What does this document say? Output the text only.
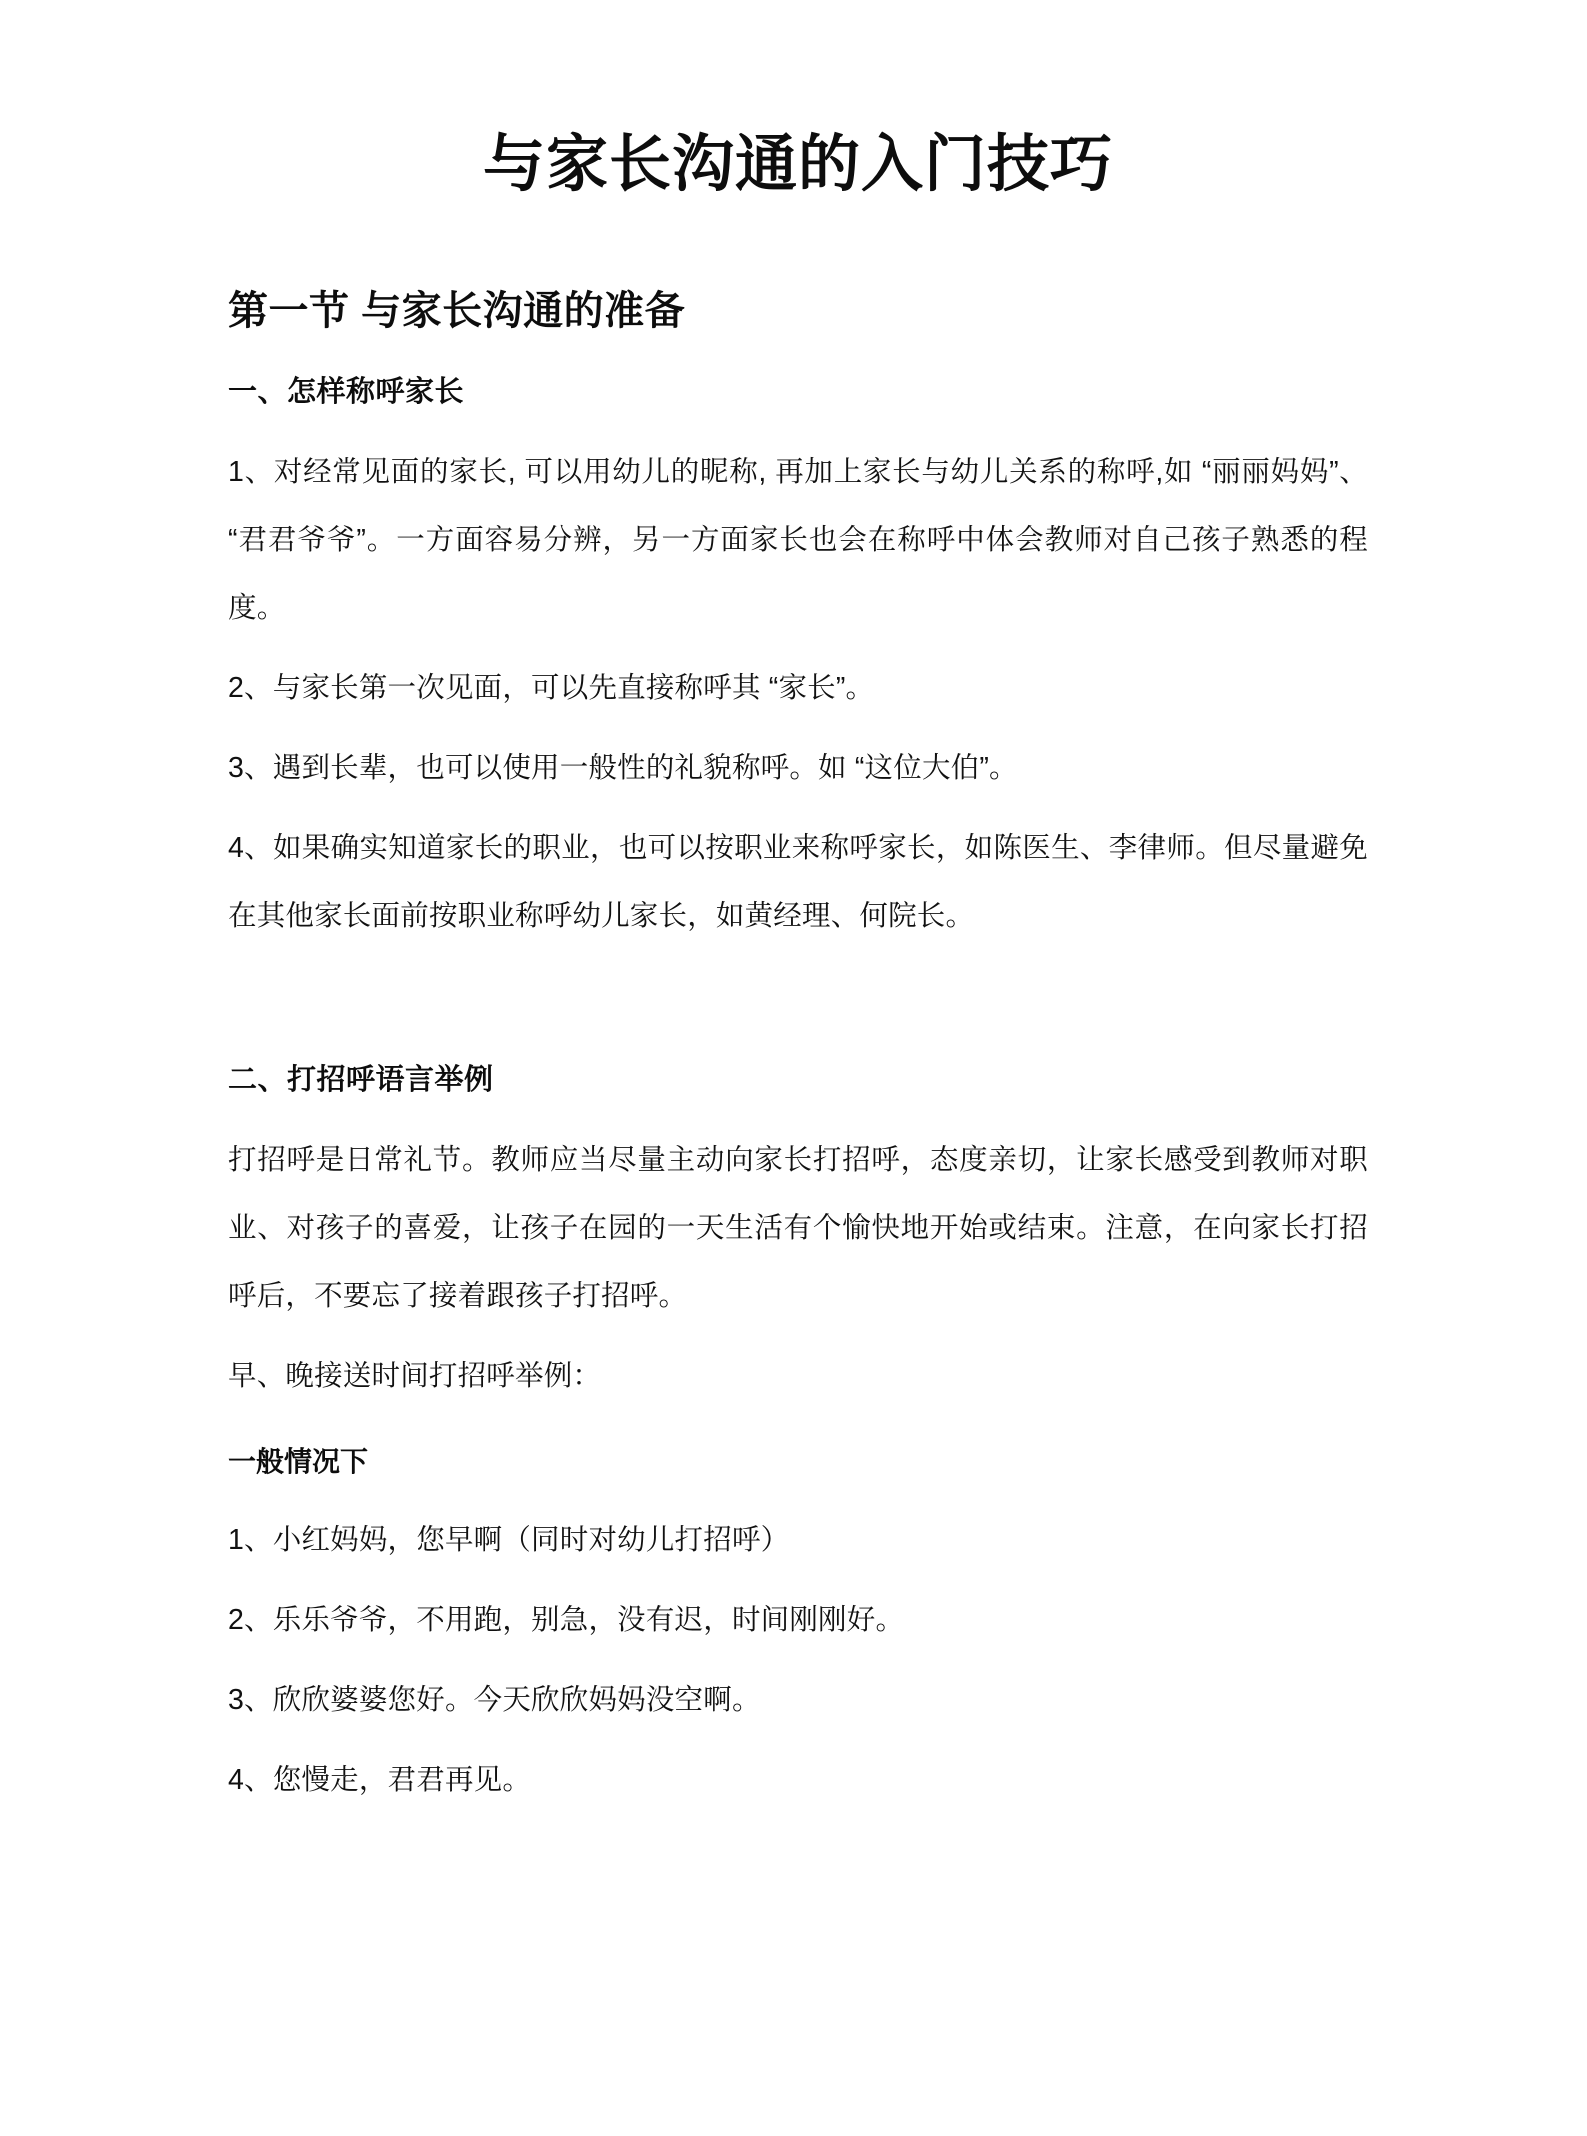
与家长沟通的入门技巧
第一节 与家长沟通的准备
一、怎样称呼家长

1、对经常见面的家长, 可以用幼儿的昵称, 再加上家长与幼儿关系的称呼,如 “丽丽妈妈”、“君君爷爷”。一方面容易分辨，另一方面家长也会在称呼中体会教师对自己孩子熟悉的程度。

2、与家长第一次见面，可以先直接称呼其 “家长”。

3、遇到长辈，也可以使用一般性的礼貌称呼。如 “这位大伯”。

4、如果确实知道家长的职业，也可以按职业来称呼家长，如陈医生、李律师。但尽量避免在其他家长面前按职业称呼幼儿家长，如黄经理、何院长。

二、打招呼语言举例

打招呼是日常礼节。教师应当尽量主动向家长打招呼，态度亲切，让家长感受到教师对职业、对孩子的喜爱，让孩子在园的一天生活有个愉快地开始或结束。注意，在向家长打招呼后，不要忘了接着跟孩子打招呼。

早、晚接送时间打招呼举例：

一般情况下

1、小红妈妈，您早啊（同时对幼儿打招呼）

2、乐乐爷爷，不用跑，别急，没有迟，时间刚刚好。

3、欣欣婆婆您好。今天欣欣妈妈没空啊。

4、您慢走，君君再见。
